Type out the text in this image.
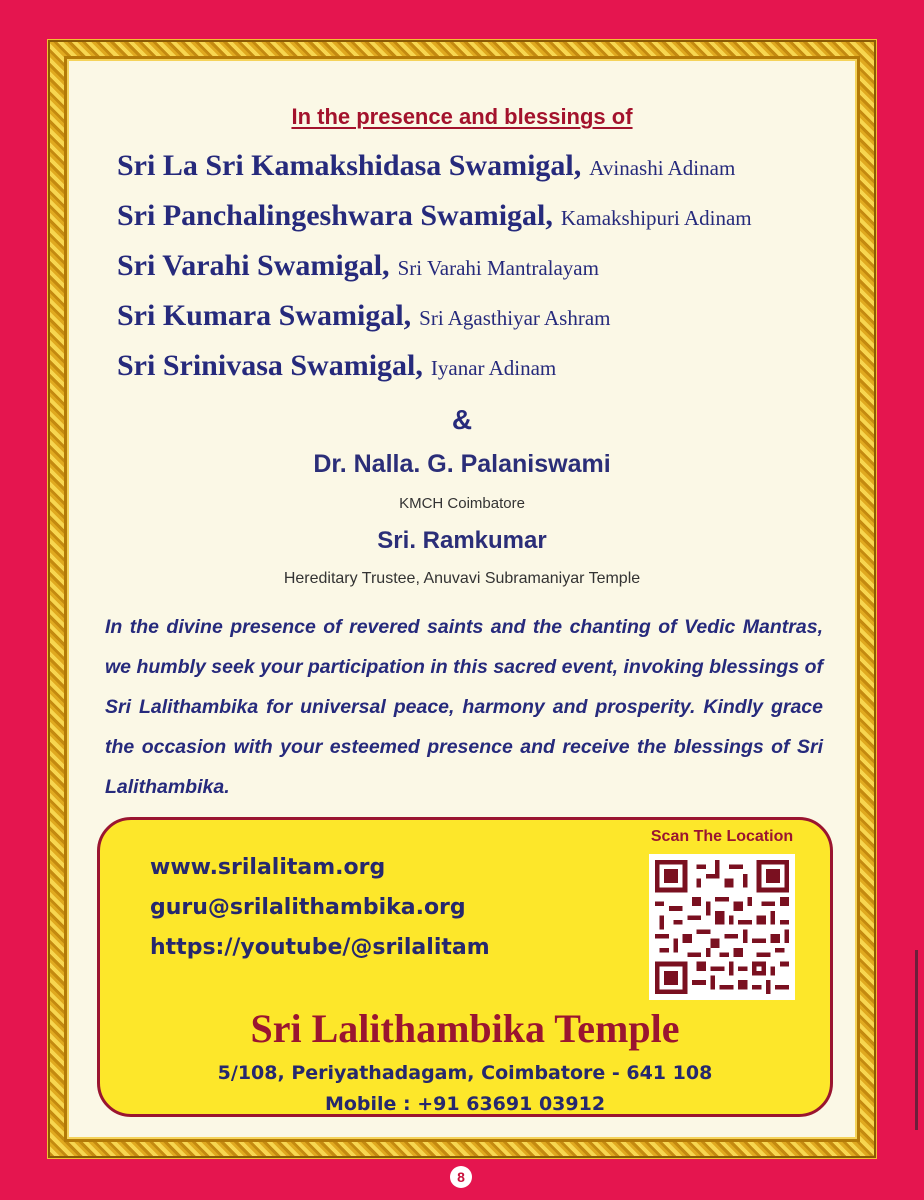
In the presence and blessings of
Sri La Sri Kamakshidasa Swamigal, Avinashi Adinam
Sri Panchalingeshwara Swamigal, Kamakshipuri Adinam
Sri Varahi Swamigal, Sri Varahi Mantralayam
Sri Kumara Swamigal, Sri Agasthiyar Ashram
Sri Srinivasa Swamigal, Iyanar Adinam
&
Dr. Nalla. G. Palaniswami
KMCH Coimbatore
Sri. Ramkumar
Hereditary Trustee, Anuvavi Subramaniyar Temple
In the divine presence of revered saints and the chanting of Vedic Mantras, we humbly seek your participation in this sacred event, invoking blessings of Sri Lalithambika for universal peace, harmony and prosperity. Kindly grace the occasion with your esteemed presence and receive the blessings of Sri Lalithambika.
www.srilalitam.org
guru@srilalithambika.org
https://youtube/@srilalitam
Scan The Location
Sri Lalithambika Temple
5/108, Periyathadagam, Coimbatore - 641 108
Mobile : +91 63691 03912
8
